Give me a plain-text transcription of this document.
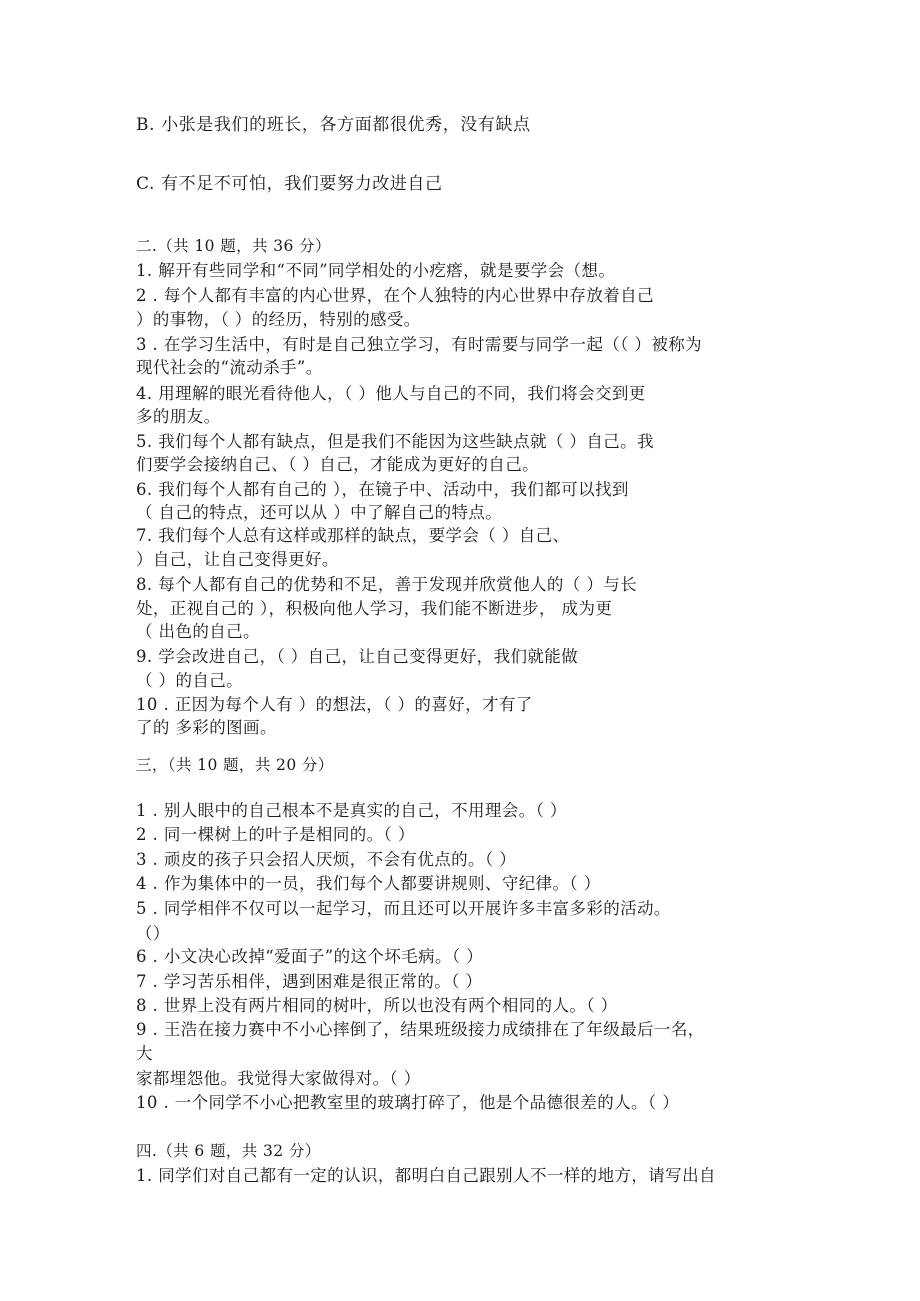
B. 小张是我们的班长，各方面都很优秀，没有缺点
C. 有不足不可怕，我们要努力改进自己
二.（共 10 题，共 36 分）
1. 解开有些同学和“不同”同学相处的小疙瘩，就是要学会（想。
2 . 每个人都有丰富的内心世界，在个人独特的内心世界中存放着自己
）的事物，（ ）的经历，特别的感受。
3 . 在学习生活中，有时是自己独立学习，有时需要与同学一起（（ ）被称为
现代社会的“流动杀手”。
4. 用理解的眼光看待他人，（ ）他人与自己的不同，我们将会交到更
多的朋友。
5. 我们每个人都有缺点，但是我们不能因为这些缺点就（ ）自己。我
们要学会接纳自己、（ ）自己，才能成为更好的自己。
6. 我们每个人都有自己的 ），在镜子中、活动中，我们都可以找到
（ 自己的特点，还可以从 ）中了解自己的特点。
7. 我们每个人总有这样或那样的缺点，要学会（ ）自己、
）自己，让自己变得更好。
8. 每个人都有自己的优势和不足，善于发现并欣赏他人的（ ）与长
处，正视自己的 ），积极向他人学习，我们能不断进步， 成为更
（ 出色的自己。
9. 学会改进自己，（ ）自己，让自己变得更好，我们就能做
（ ）的自己。
10 . 正因为每个人有 ）的想法，（ ）的喜好，才有了
了的 多彩的图画。
三，（共 10 题，共 20 分）
1 . 别人眼中的自己根本不是真实的自己，不用理会。（ ）
2 . 同一棵树上的叶子是相同的。（ ）
3 . 顽皮的孩子只会招人厌烦，不会有优点的。（ ）
4 . 作为集体中的一员，我们每个人都要讲规则、守纪律。（ ）
5 . 同学相伴不仅可以一起学习，而且还可以开展许多丰富多彩的活动。
（）
6 . 小文决心改掉“爱面子”的这个坏毛病。（ ）
7 . 学习苦乐相伴，遇到困难是很正常的。（ ）
8 . 世界上没有两片相同的树叶，所以也没有两个相同的人。（ ）
9 . 王浩在接力赛中不小心摔倒了，结果班级接力成绩排在了年级最后一名，
大
家都埋怨他。我觉得大家做得对。（ ）
10 . 一个同学不小心把教室里的玻璃打碎了，他是个品德很差的人。（ ）
四.（共 6 题，共 32 分）
1. 同学们对自己都有一定的认识，都明白自己跟别人不一样的地方，请写出自
